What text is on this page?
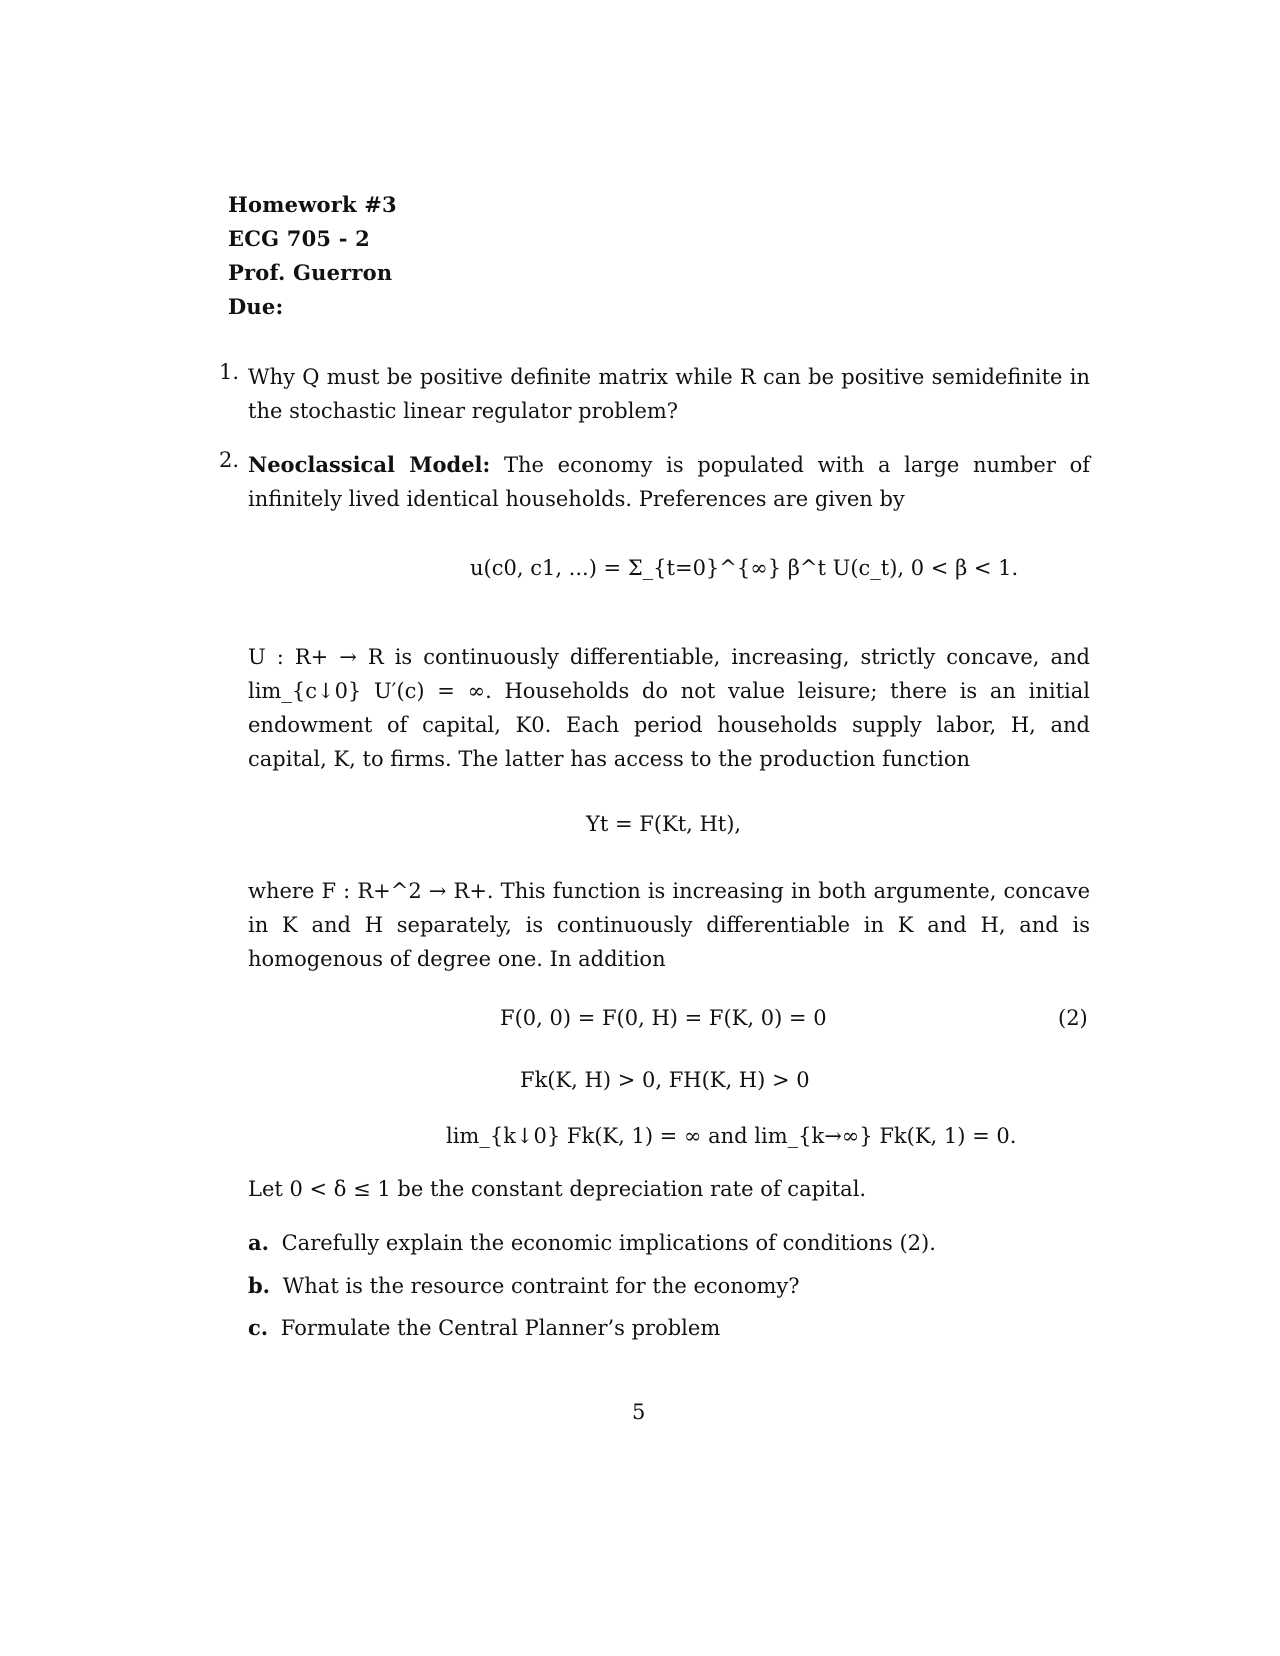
Homework #3
ECG 705 - 2
Prof. Guerron
Due:
1. Why Q must be positive definite matrix while R can be positive semidefinite in the stochastic linear regulator problem?
2. Neoclassical Model: The economy is populated with a large number of infinitely lived identical households. Preferences are given by
u(c0, c1, ...) = Σ_{t=0}^{∞} β^t U(c_t), 0 < β < 1.
U : R+ → R is continuously differentiable, increasing, strictly concave, and lim_{c↓0} U′(c) = ∞. Households do not value leisure; there is an initial endowment of capital, K0. Each period households supply labor, H, and capital, K, to firms. The latter has access to the production function
Yt = F(Kt, Ht),
where F : R+^2 → R+. This function is increasing in both argumente, concave in K and H separately, is continuously differentiable in K and H, and is homogenous of degree one. In addition
F(0, 0) = F(0, H) = F(K, 0) = 0	(2)
Fk(K, H) > 0, FH(K, H) > 0
lim_{k↓0} Fk(K, 1) = ∞ and lim_{k→∞} Fk(K, 1) = 0.
Let 0 < δ ≤ 1 be the constant depreciation rate of capital.
a. Carefully explain the economic implications of conditions (2).
b. What is the resource contraint for the economy?
c. Formulate the Central Planner’s problem
5
